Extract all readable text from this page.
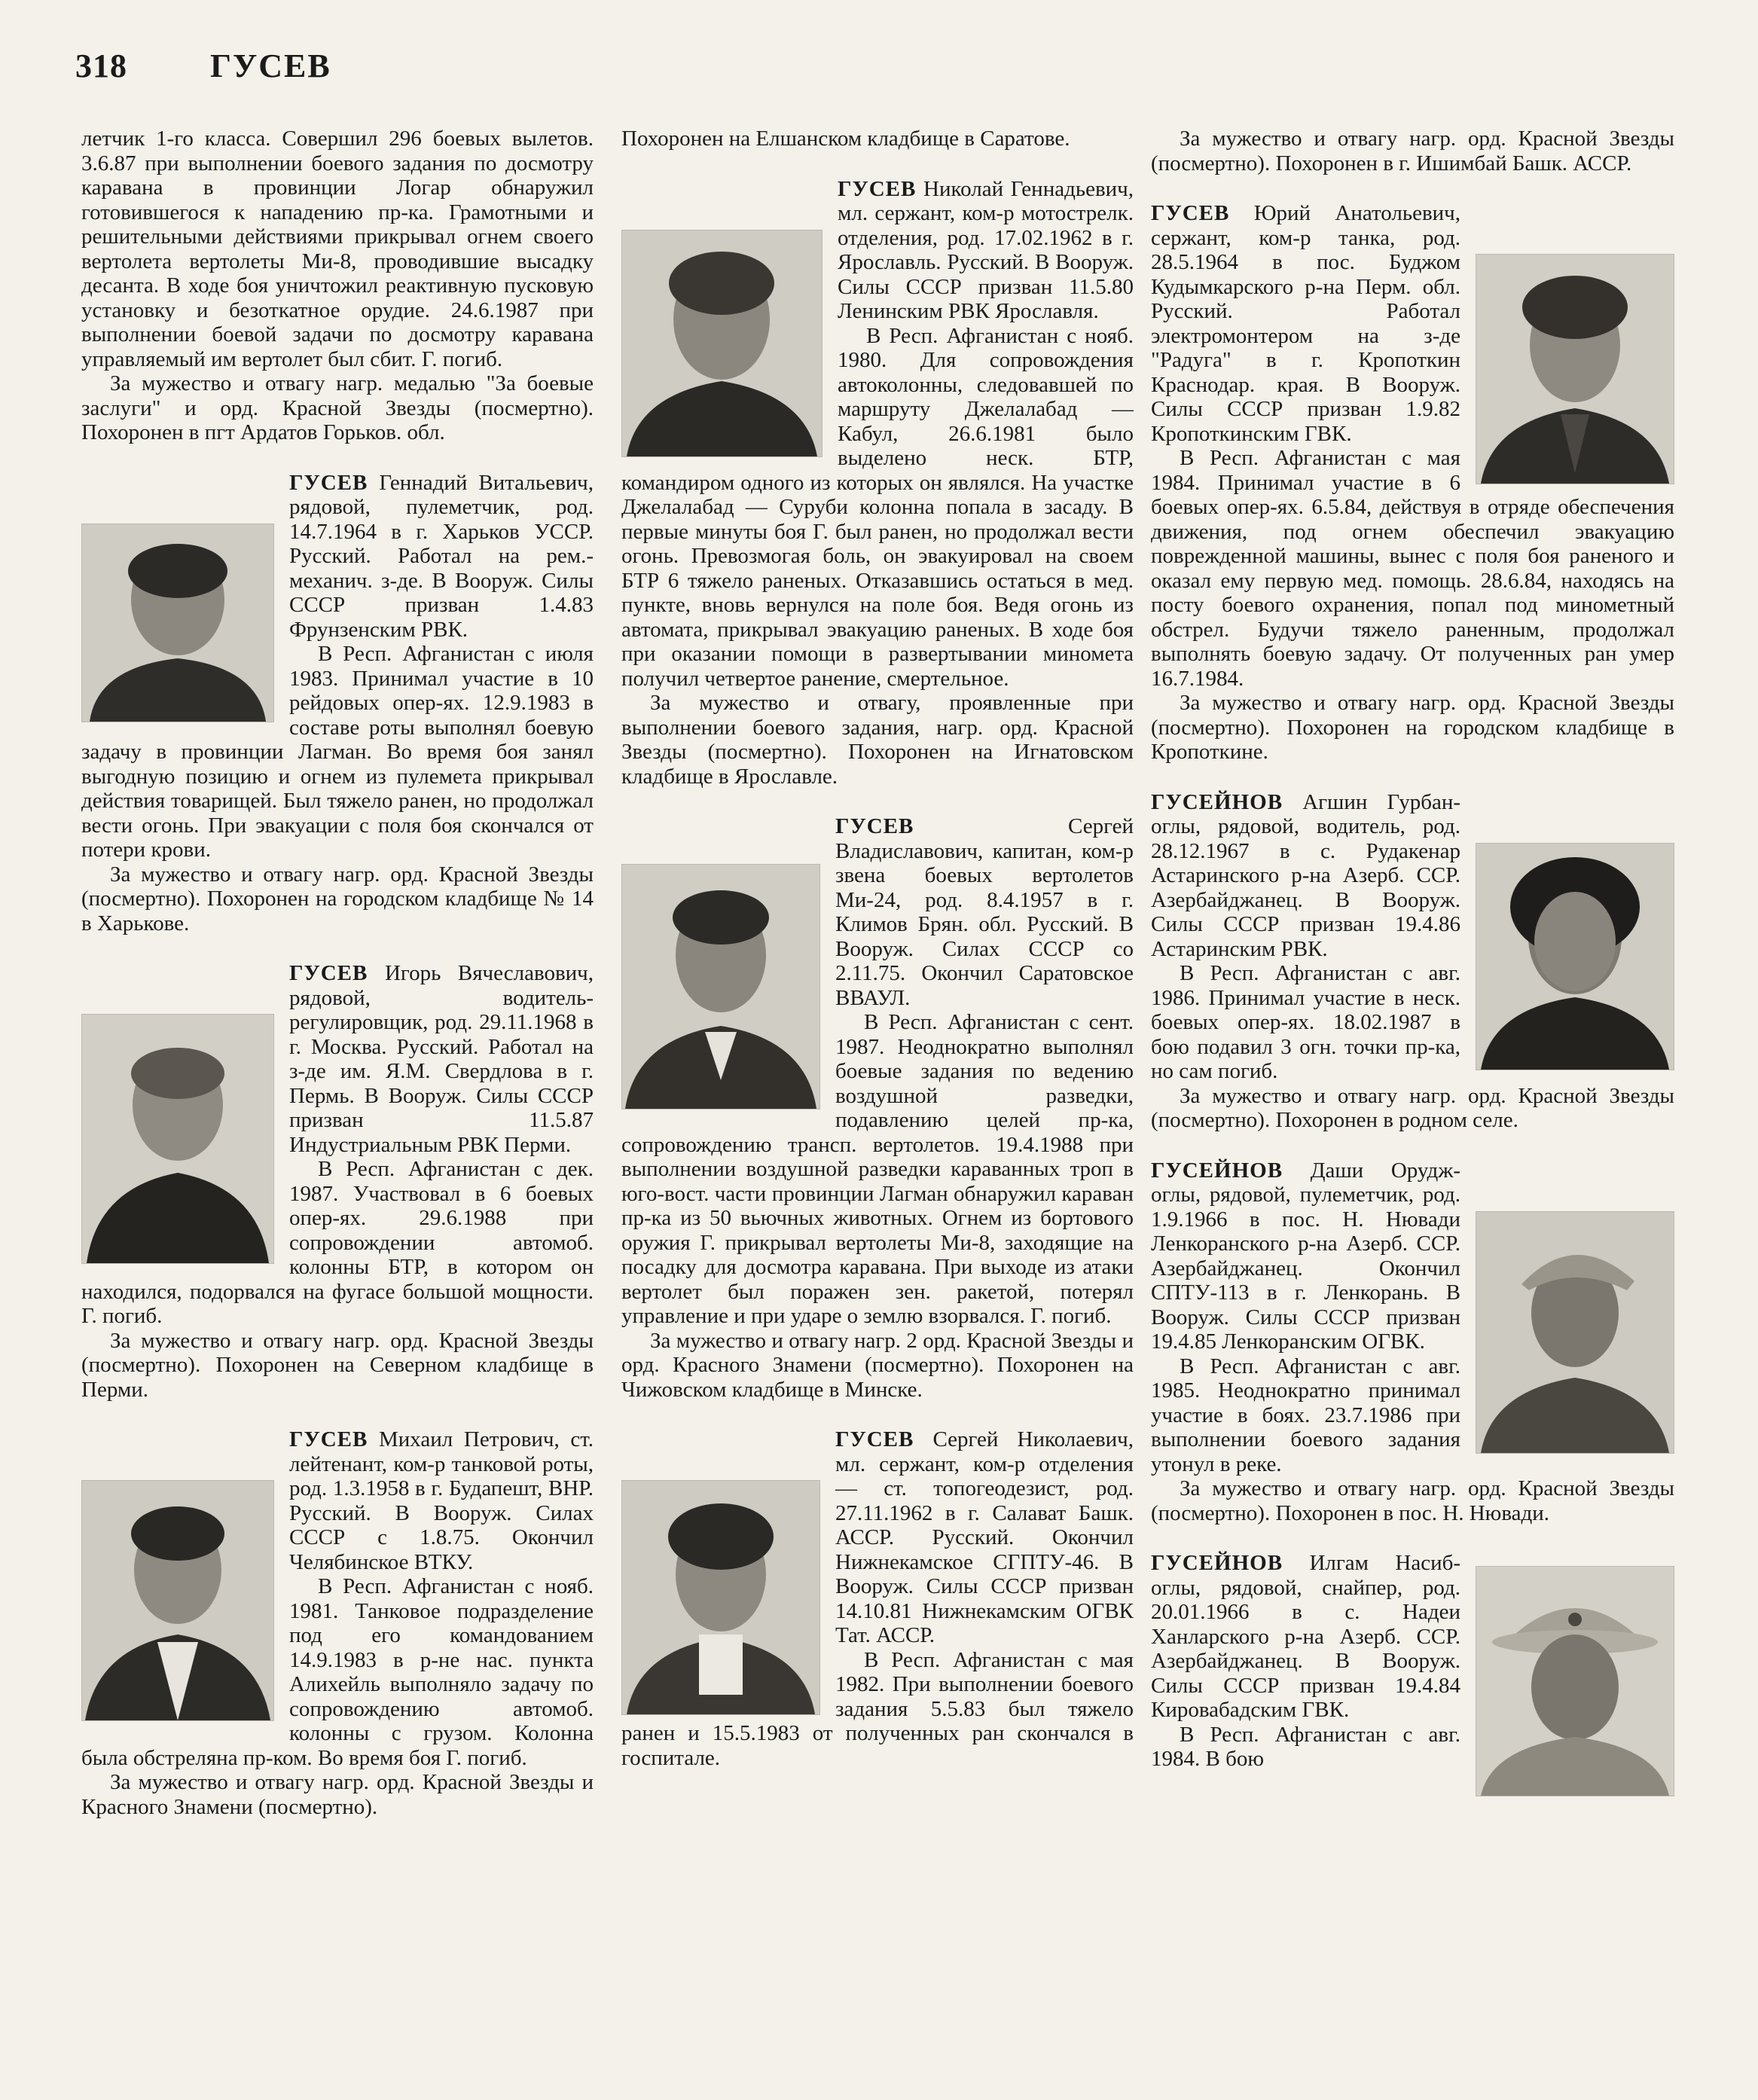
318	ГУСЕВ

летчик 1-го класса. Совершил 296 боевых вылетов. 3.6.87 при выполнении боевого задания по досмотру каравана в провинции Логар обнаружил готовившегося к нападению пр-ка. Грамотными и решительными действиями прикрывал огнем своего вертолета вертолеты Ми-8, проводившие высадку десанта. В ходе боя уничтожил реактивную пусковую установку и безоткатное орудие. 24.6.1987 при выполнении боевой задачи по досмотру каравана управляемый им вертолет был сбит. Г. погиб.

За мужество и отвагу нагр. медалью "За боевые заслуги" и орд. Красной Звезды (посмертно). Похоронен в пгт Ардатов Горьков. обл.

ГУСЕВ Геннадий Витальевич, рядовой, пулеметчик, род. 14.7.1964 в г. Харьков УССР. Русский. Работал на рем.-механич. з-де. В Вооруж. Силы СССР призван 1.4.83 Фрунзенским РВК.

В Респ. Афганистан с июля 1983. Принимал участие в 10 рейдовых опер-ях. 12.9.1983 в составе роты выполнял боевую задачу в провинции Лагман. Во время боя занял выгодную позицию и огнем из пулемета прикрывал действия товарищей. Был тяжело ранен, но продолжал вести огонь. При эвакуации с поля боя скончался от потери крови.

За мужество и отвагу нагр. орд. Красной Звезды (посмертно). Похоронен на городском кладбище № 14 в Харькове.

ГУСЕВ Игорь Вячеславович, рядовой, водитель-регулировщик, род. 29.11.1968 в г. Москва. Русский. Работал на з-де им. Я.М. Свердлова в г. Пермь. В Вооруж. Силы СССР призван 11.5.87 Индустриальным РВК Перми.

В Респ. Афганистан с дек. 1987. Участвовал в 6 боевых опер-ях. 29.6.1988 при сопровождении автомоб. колонны БТР, в котором он находился, подорвался на фугасе большой мощности. Г. погиб.

За мужество и отвагу нагр. орд. Красной Звезды (посмертно). Похоронен на Северном кладбище в Перми.

ГУСЕВ Михаил Петрович, ст. лейтенант, ком-р танковой роты, род. 1.3.1958 в г. Будапешт, ВНР. Русский. В Вооруж. Силах СССР с 1.8.75. Окончил Челябинское ВТКУ.

В Респ. Афганистан с нояб. 1981. Танковое подразделение под его командованием 14.9.1983 в р-не нас. пункта Алихейль выполняло задачу по сопровождению автомоб. колонны с грузом. Колонна была обстреляна пр-ком. Во время боя Г. погиб.

За мужество и отвагу нагр. орд. Красной Звезды и Красного Знамени (посмертно).

Похоронен на Елшанском кладбище в Саратове.

ГУСЕВ Николай Геннадьевич, мл. сержант, ком-р мотострелк. отделения, род. 17.02.1962 в г. Ярославль. Русский. В Вооруж. Силы СССР призван 11.5.80 Ленинским РВК Ярославля.

В Респ. Афганистан с нояб. 1980. Для сопровождения автоколонны, следовавшей по маршруту Джелалабад — Кабул, 26.6.1981 было выделено неск. БТР, командиром одного из которых он являлся. На участке Джелалабад — Суруби колонна попала в засаду. В первые минуты боя Г. был ранен, но продолжал вести огонь. Превозмогая боль, он эвакуировал на своем БТР 6 тяжело раненых. Отказавшись остаться в мед. пункте, вновь вернулся на поле боя. Ведя огонь из автомата, прикрывал эвакуацию раненых. В ходе боя при оказании помощи в развертывании минометa получил четвертое ранение, смертельное.

За мужество и отвагу, проявленные при выполнении боевого задания, нагр. орд. Красной Звезды (посмертно). Похоронен на Игнатовском кладбище в Ярославле.

ГУСЕВ	Сергей Владиславович, капитан, ком-р звена боевых вертолетов Ми-24, род. 8.4.1957 в г. Климов Брян. обл. Русский. В Вооруж. Силах СССР со 2.11.75. Окончил Саратовское ВВАУЛ.

В Респ. Афганистан с сент. 1987. Неоднократно выполнял боевые задания по ведению воздушной разведки, подавлению целей пр-ка, сопровождению трансп. вертолетов. 19.4.1988 при выполнении воздушной разведки караванных троп в юго-вост. части провинции Лагман обнаружил караван пр-ка из 50 вьючных животных. Огнем из бортового оружия Г. прикрывал вертолеты Ми-8, заходящие на посадку для досмотра каравана. При выходе из атаки вертолет был поражен зен. ракетой, потерял управление и при ударе о землю взорвался. Г. погиб.

За мужество и отвагу нагр. 2 орд. Красной Звезды и орд. Красного Знамени (посмертно). Похоронен на Чижовском кладбище в Минске.

ГУСЕВ Сергей Николаевич, мл. сержант, ком-р отделения — ст. топогеодезист, род. 27.11.1962 в г. Салават Башк. АССР. Русский. Окончил Нижнекамское СГПТУ-46. В Вооруж. Силы СССР призван 14.10.81 Нижнекамским ОГВК Тат. АССР.

В Респ. Афганистан с мая 1982. При выполнении боевого задания 5.5.83 был тяжело ранен и 15.5.1983 от полученных ран скончался в госпитале.

За мужество и отвагу нагр. орд. Красной Звезды (посмертно). Похоронен в г. Ишимбай Башк. АССР.

ГУСЕВ Юрий Анатольевич, сержант, ком-р танка, род. 28.5.1964 в пос. Буджом Кудымкарского р-на Перм. обл. Русский. Работал электромонтером на з-де "Радуга" в г. Кропоткин Краснодар. края. В Вооруж. Силы СССР призван 1.9.82 Кропоткинским ГВК.

В Респ. Афганистан с мая 1984. Принимал участие в 6 боевых опер-ях. 6.5.84, действуя в отряде обеспечения движения, под огнем обеспечил эвакуацию поврежденной машины, вынес с поля боя раненого и оказал ему первую мед. помощь. 28.6.84, находясь на посту боевого охранения, попал под минометный обстрел. Будучи тяжело раненным, продолжал выполнять боевую задачу. От полученных ран умер 16.7.1984.

За мужество и отвагу нагр. орд. Красной Звезды (посмертно). Похоронен на городском кладбище в Кропоткине.

ГУСЕЙНОВ Агшин Гурбан-оглы, рядовой, водитель, род. 28.12.1967 в с. Рудакенар Астаринского р-на Азерб. ССР. Азербайджанец. В Вооруж. Силы СССР призван 19.4.86 Астаринским РВК.

В Респ. Афганистан с авг. 1986. Принимал участие в неск. боевых опер-ях. 18.02.1987 в бою подавил 3 огн. точки пр-ка, но сам погиб.

За мужество и отвагу нагр. орд. Красной Звезды (посмертно). Похоронен в родном селе.

ГУСЕЙНОВ Даши Орудж-оглы, рядовой, пулеметчик, род. 1.9.1966 в пос. Н. Нювади Ленкоранского р-на Азерб. ССР. Азербайджанец. Окончил СПТУ-113 в г. Ленкорань. В Вооруж. Силы СССР призван 19.4.85 Ленкоранским ОГВК.

В Респ. Афганистан с авг. 1985. Неоднократно принимал участие в боях. 23.7.1986 при выполнении боевого задания утонул в реке.

За мужество и отвагу нагр. орд. Красной Звезды (посмертно). Похоронен в пос. Н. Нювади.

ГУСЕЙНОВ Илгам Насиб-оглы, рядовой, снайпер, род. 20.01.1966 в с. Надеи Ханларского р-на Азерб. ССР. Азербайджанец. В Вооруж. Силы СССР призван 19.4.84 Кировабадским ГВК.

В Респ. Афганистан с авг. 1984. В бою
